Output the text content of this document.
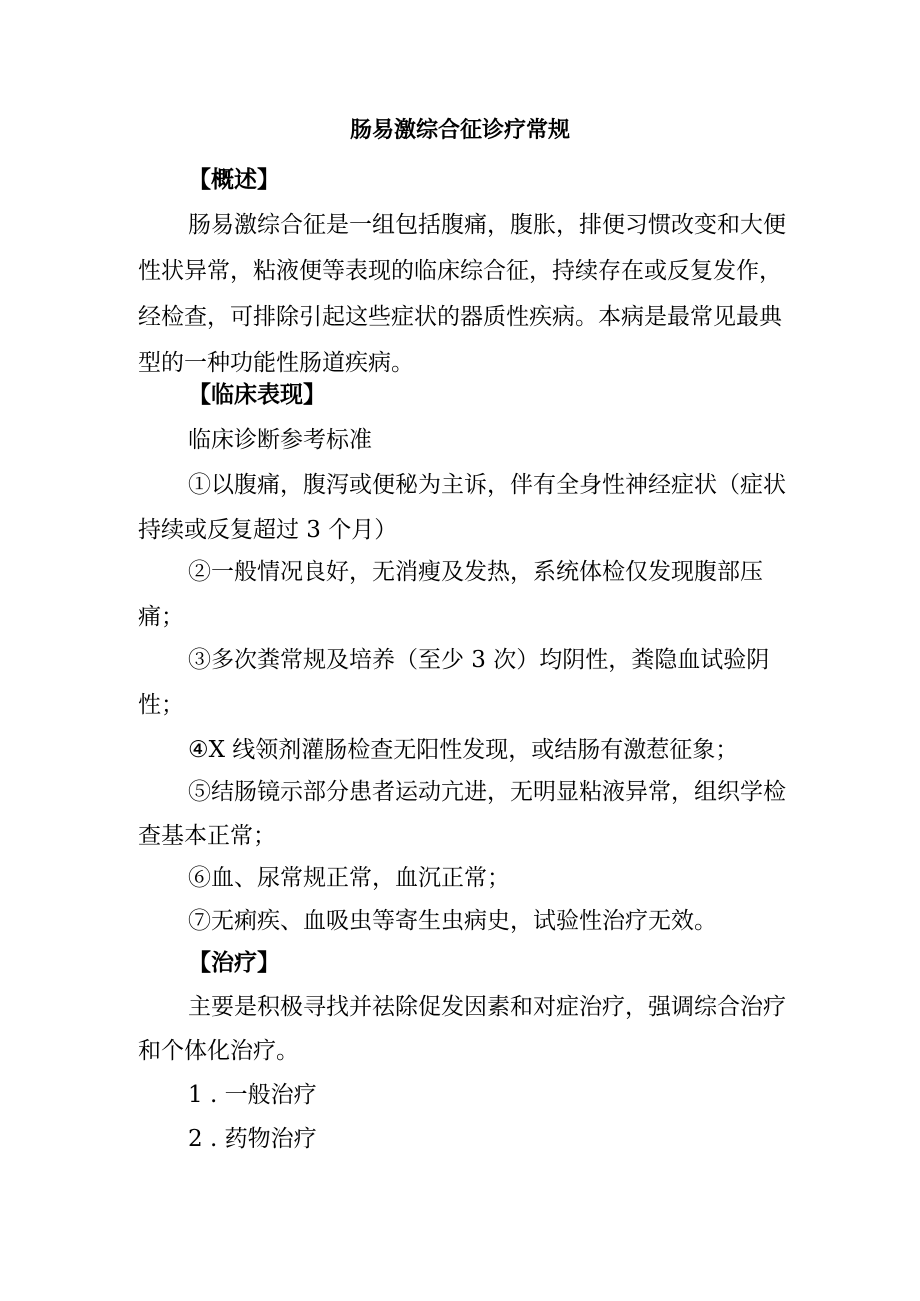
肠易激综合征诊疗常规
【概述】
肠易激综合征是一组包括腹痛，腹胀，排便习惯改变和大便
性状异常，粘液便等表现的临床综合征，持续存在或反复发作，
经检查，可排除引起这些症状的器质性疾病。本病是最常见最典
型的一种功能性肠道疾病。
【临床表现】
临床诊断参考标准
①以腹痛，腹泻或便秘为主诉，伴有全身性神经症状（症状
持续或反复超过 3 个月）
②一般情况良好，无消瘦及发热，系统体检仅发现腹部压
痛；
③多次粪常规及培养（至少 3 次）均阴性，粪隐血试验阴
性；
④X 线领剂灌肠检查无阳性发现，或结肠有激惹征象；
⑤结肠镜示部分患者运动亢进，无明显粘液异常，组织学检
查基本正常；
⑥血、尿常规正常，血沉正常；
⑦无痢疾、血吸虫等寄生虫病史，试验性治疗无效。
【治疗】
主要是积极寻找并祛除促发因素和对症治疗，强调综合治疗
和个体化治疗。
1 . 一般治疗
2 . 药物治疗
